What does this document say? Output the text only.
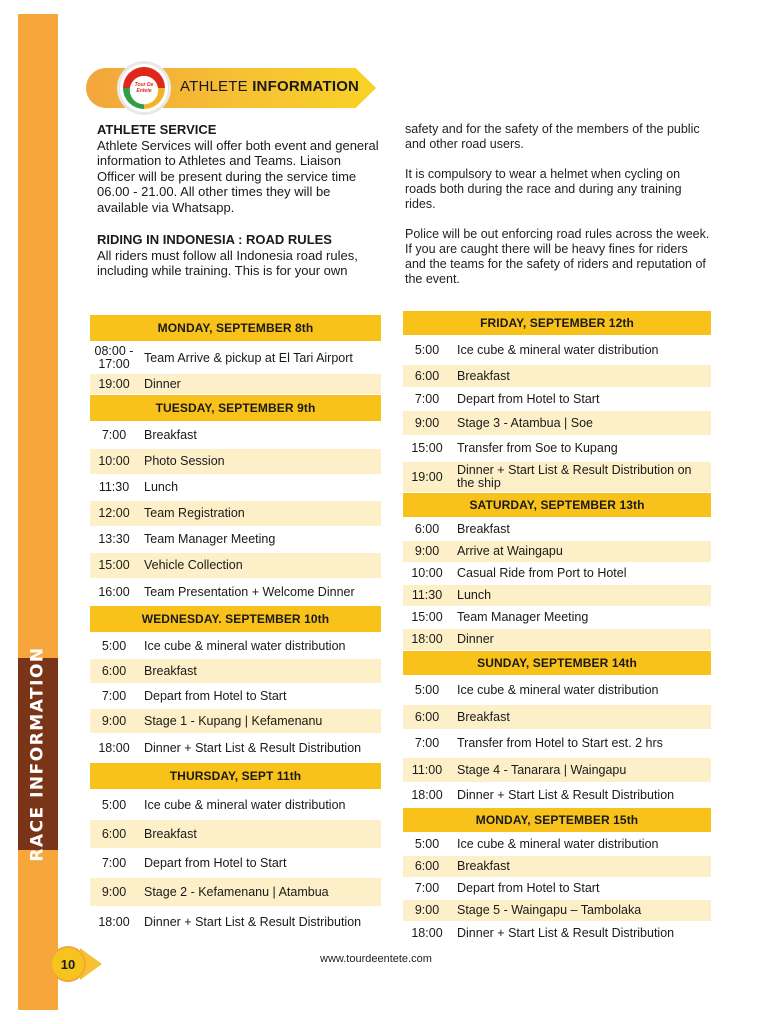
RACE INFORMATION
Tour De Entete	ATHLETE INFORMATION
ATHLETE SERVICE
Athlete Services will offer both event and general information to Athletes and Teams. Liaison Officer will be present during the service time 06.00 - 21.00. All other times they will be available via Whatsapp.
RIDING IN INDONESIA : ROAD RULES
All riders must follow all Indonesia road rules, including while training. This is for your own

safety and for the safety of the members of the public and other road users.

It is compulsory to wear a helmet when cycling on roads both during the race and during any training rides.

Police will be out enforcing road rules across the week. If you are caught there will be heavy fines for riders and the teams for the safety of riders and reputation of the event.

MONDAY, SEPTEMBER 8th
08:00 - 17:00	Team Arrive & pickup at El Tari Airport
19:00	Dinner
TUESDAY, SEPTEMBER 9th
7:00	Breakfast
10:00	Photo Session
11:30	Lunch
12:00	Team Registration
13:30	Team Manager Meeting
15:00	Vehicle Collection
16:00	Team Presentation + Welcome Dinner
WEDNESDAY. SEPTEMBER 10th
5:00	Ice cube & mineral water distribution
6:00	Breakfast
7:00	Depart from Hotel to Start
9:00	Stage 1 - Kupang | Kefamenanu
18:00	Dinner + Start List & Result Distribution
THURSDAY, SEPT 11th
5:00	Ice cube & mineral water distribution
6:00	Breakfast
7:00	Depart from Hotel to Start
9:00	Stage 2 - Kefamenanu | Atambua
18:00	Dinner + Start List & Result Distribution
FRIDAY, SEPTEMBER 12th
5:00	Ice cube & mineral water distribution
6:00	Breakfast
7:00	Depart from Hotel to Start
9:00	Stage 3 - Atambua | Soe
15:00	Transfer from Soe to Kupang
19:00	Dinner + Start List & Result Distribution on the ship
SATURDAY, SEPTEMBER 13th
6:00	Breakfast
9:00	Arrive at Waingapu
10:00	Casual Ride from Port to Hotel
11:30	Lunch
15:00	Team Manager Meeting
18:00	Dinner
SUNDAY, SEPTEMBER 14th
5:00	Ice cube & mineral water distribution
6:00	Breakfast
7:00	Transfer from Hotel to Start est. 2 hrs
11:00	Stage 4 - Tanarara | Waingapu
18:00	Dinner + Start List & Result Distribution
MONDAY, SEPTEMBER 15th
5:00	Ice cube & mineral water distribution
6:00	Breakfast
7:00	Depart from Hotel to Start
9:00	Stage 5 - Waingapu – Tambolaka
18:00	Dinner + Start List & Result Distribution
10	www.tourdeentete.com
